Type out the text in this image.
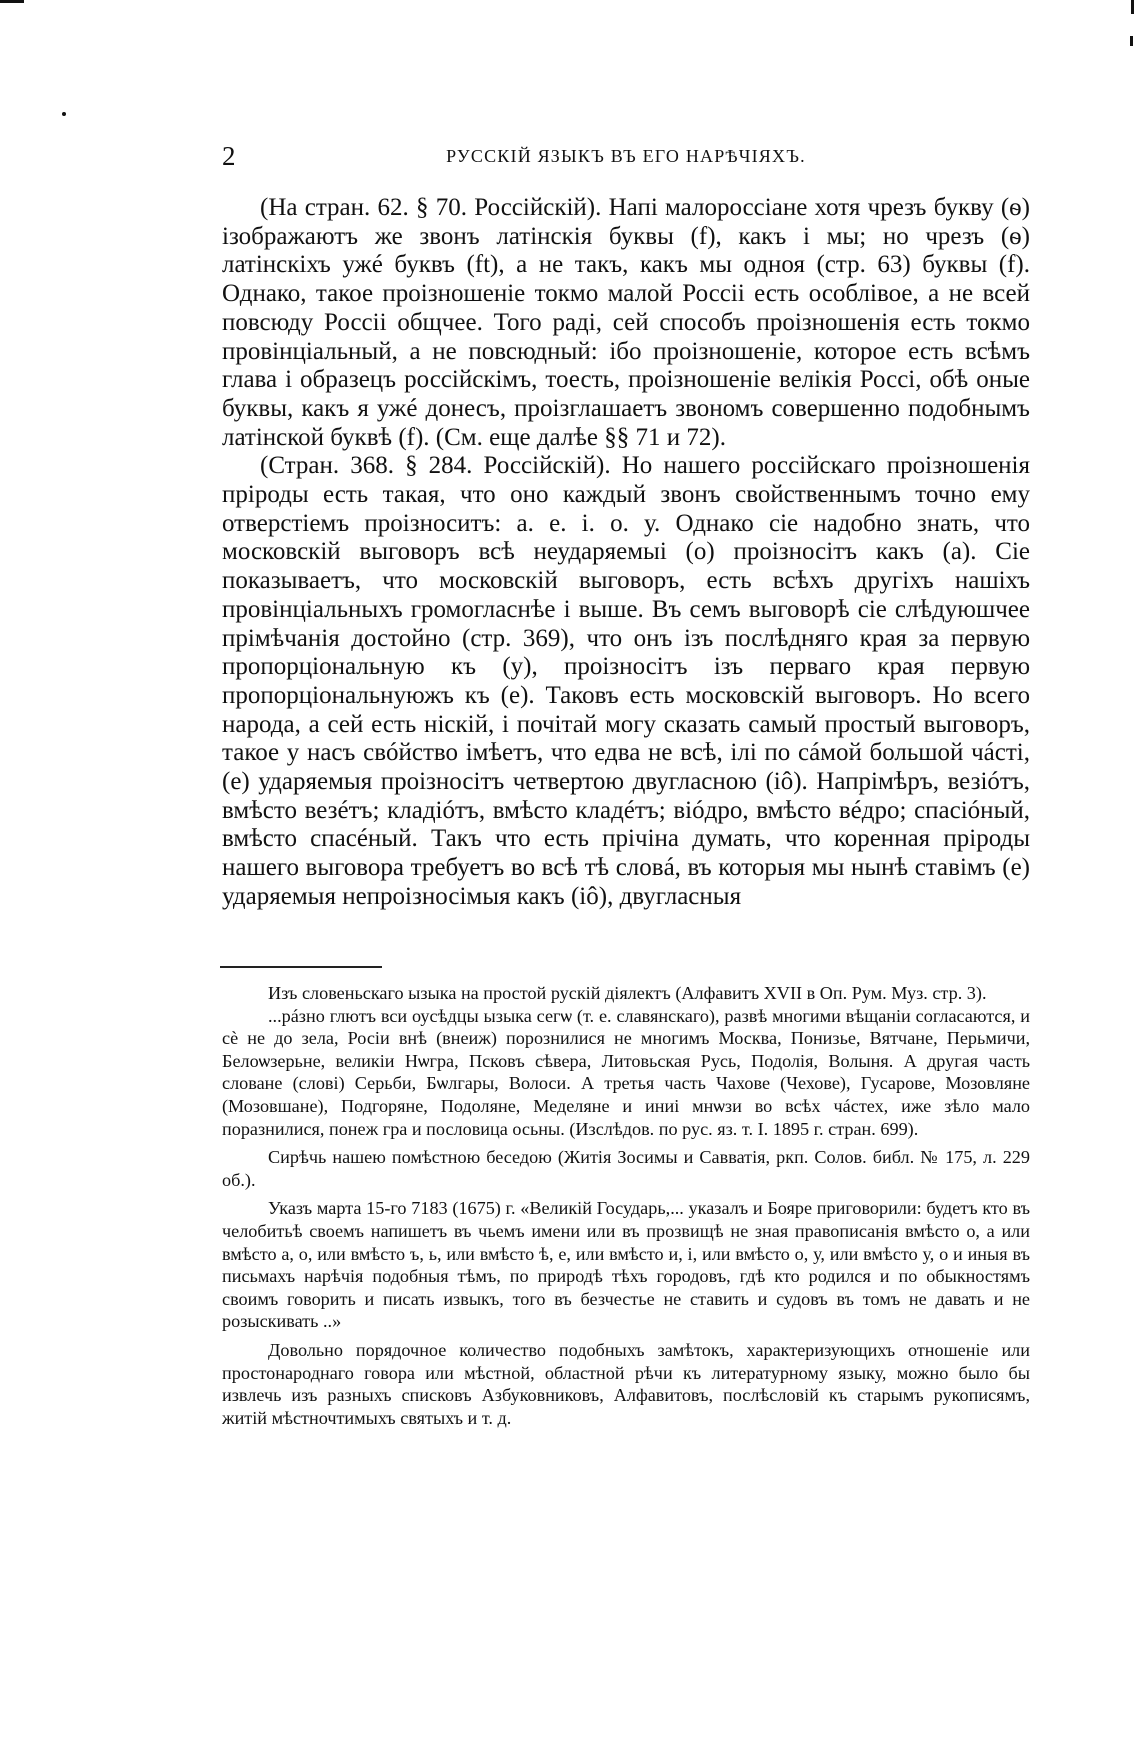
2	РУССКІЙ ЯЗЫКЪ ВЪ ЕГО НАРѢЧІЯХЪ.

(На стран. 62. § 70. Россійскій). Напі малороссіане хотя чрезъ букву (ѳ) ізображаютъ же звонъ латінскія буквы (f), какъ і мы; но чрезъ (ѳ) латінскіхъ ужé буквъ (ft), а не такъ, какъ мы одноя (стр. 63) буквы (f). Однако, такое проізношеніе токмо малой Россіі есть особлівое, а не всей повсюду Россіі общчее. Того раді, сей способъ проізношенія есть токмо провінціальный, а не повсюдный: ібо проізношеніе, которое есть всѣмъ глава і образецъ россійскімъ, тоесть, проізношеніе велікія Россі, обѣ оные буквы, какъ я ужé донесъ, проізглашаетъ звономъ совершенно подобнымъ латінской буквѣ (f). (См. еще далѣе §§ 71 и 72).

(Стран. 368. § 284. Россійскій). Но нашего россійскаго проізношенія пріроды есть такая, что оно каждый звонъ свойственнымъ точно ему отверстіемъ проізноситъ: а. е. і. о. у. Однако сіе надобно знать, что московскій выговоръ всѣ неударяемыі (о) проізносітъ какъ (а). Сіе показываетъ, что московскій выговоръ, есть всѣхъ другіхъ нашіхъ провінціальныхъ громогласнѣе і выше. Въ семъ выговорѣ сіе слѣдуюшчее прімѣчанія достойно (стр. 369), что онъ ізъ послѣдняго края за первую пропорціональную къ (у), проізносітъ ізъ перваго края первую пропорціональнуюжъ къ (е). Таковъ есть московскій выговоръ. Но всего народа, а сей есть ніскій, і почітай могу сказать самый простый выговоръ, такое у насъ свóйство імѣетъ, что едва не всѣ, ілі по сáмой большой чáсті, (е) ударяемыя проізносітъ четвертою двугласною (іô). Напрімѣръ, везіóтъ, вмѣсто везéтъ; кладіóтъ, вмѣсто кладéтъ; віóдро, вмѣсто вéдро; спасіóный, вмѣсто спасéный. Такъ что есть прічіна думать, что коренная пріроды нашего выговора требуетъ во всѣ тѣ словá, въ которыя мы нынѣ ставімъ (е) ударяемыя непроізносімыя какъ (іô), двугласныя

Изъ словеньскаго ызыка на простой рускій діялектъ (Алфавитъ XVII в Оп. Рум. Муз. стр. 3).

...рáзно глютъ вси оусѣдцы ызыка сегѡ (т. е. славянскаго), развѣ многими вѣщаніи согласаются, и сѐ не до зела, Росіи внѣ (внеиж) порознилися не многимъ Москва, Понизье, Вятчане, Перьмичи, Белоѡзерьне, великіи Нѡгра, Псковъ сѣвера, Литовьская Русь, Подолія, Волыня. А другая часть словане (слові) Серьби, Бѡлгары, Волоси. А третья часть Чахове (Чехове), Гусарове, Мозовляне (Мозовшане), Подгоряне, Подоляне, Меделяне и иниі мнѡзи во всѣх чáстех, иже зѣло мало поразнилися, понеж гра и пословица осьны. (Изслѣдов. по рус. яз. т. I. 1895 г. стран. 699).

Сирѣчь нашею помѣстною беседою (Житія Зосимы и Савватія, ркп. Солов. библ. № 175, л. 229 об.).

Указъ марта 15-го 7183 (1675) г. «Великій Государь,... указалъ и Бояре приговорили: будетъ кто въ челобитьѣ своемъ напишетъ въ чьемъ имени или въ прозвищѣ не зная правописанія вмѣсто о, а или вмѣсто а, о, или вмѣсто ъ, ь, или вмѣсто ѣ, е, или вмѣсто и, і, или вмѣсто о, у, или вмѣсто у, о и иныя въ письмахъ нарѣчія подобныя тѣмъ, по природѣ тѣхъ городовъ, гдѣ кто родился и по обыкностямъ своимъ говорить и писать извыкъ, того въ безчестье не ставить и судовъ въ томъ не давать и не розыскивать ..»

Довольно порядочное количество подобныхъ замѣтокъ, характеризующихъ отношеніе или простонароднаго говора или мѣстной, областной рѣчи къ литературному языку, можно было бы извлечь изъ разныхъ списковъ Азбуковниковъ, Алфавитовъ, послѣсловій къ старымъ рукописямъ, житій мѣстночтимыхъ святыхъ и т. д.
